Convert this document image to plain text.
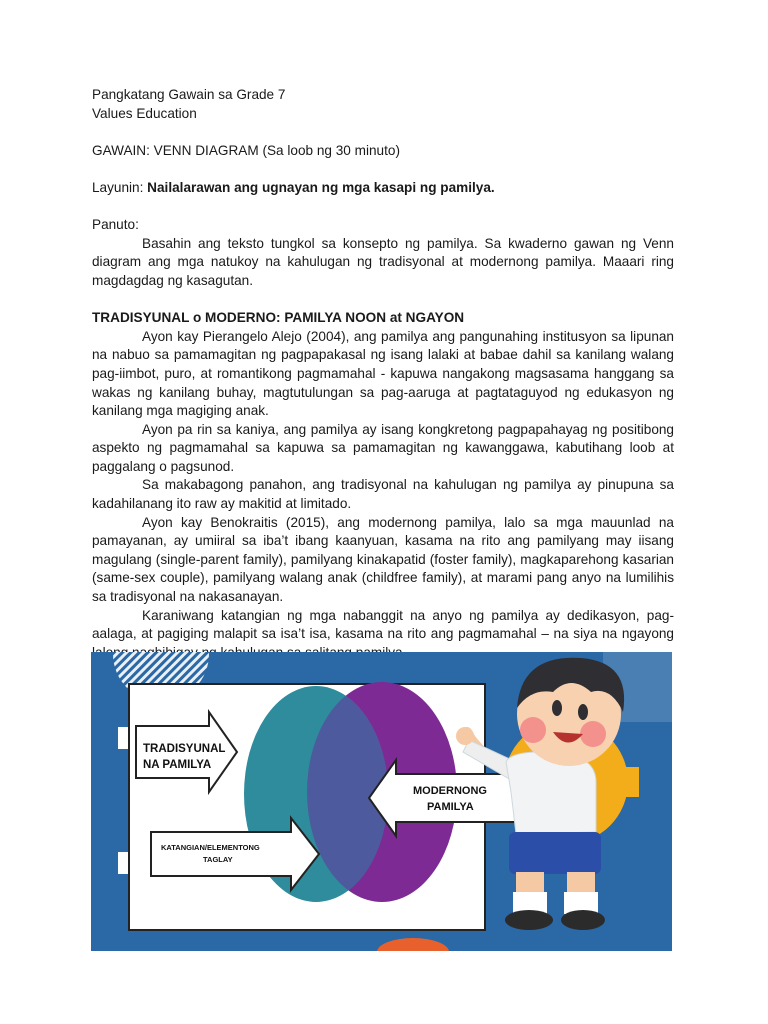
Pangkatang Gawain sa Grade 7
Values Education
GAWAIN: VENN DIAGRAM (Sa loob ng 30 minuto)
Layunin: Nailalarawan ang ugnayan ng mga kasapi ng pamilya.
Panuto:

Basahin ang teksto tungkol sa konsepto ng pamilya. Sa kwaderno gawan ng Venn diagram ang mga natukoy na kahulugan ng tradisyonal at modernong pamilya. Maaari ring magdagdag ng kasagutan.

TRADISYUNAL o MODERNO: PAMILYA NOON at NGAYON

Ayon kay Pierangelo Alejo (2004), ang pamilya ang pangunahing institusyon sa lipunan na nabuo sa pamamagitan ng pagpapakasal ng isang lalaki at babae dahil sa kanilang walang pag-iimbot, puro, at romantikong pagmamahal - kapuwa nangakong magsasama hanggang sa wakas ng kanilang buhay, magtutulungan sa pag-aaruga at pagtataguyod ng edukasyon ng kanilang mga magiging anak.

Ayon pa rin sa kaniya, ang pamilya ay isang kongkretong pagpapahayag ng positibong aspekto ng pagmamahal sa kapuwa sa pamamagitan ng kawanggawa, kabutihang loob at paggalang o pagsunod.

Sa makabagong panahon, ang tradisyonal na kahulugan ng pamilya ay pinupuna sa kadahilanang ito raw ay makitid at limitado.

Ayon kay Benokraitis (2015), ang modernong pamilya, lalo sa mga mauunlad na pamayanan, ay umiiral sa iba’t ibang kaanyuan, kasama na rito ang pamilyang may iisang magulang (single-parent family), pamilyang kinakapatid (foster family), magkaparehong kasarian (same-sex couple), pamilyang walang anak (childfree family), at marami pang anyo na lumilihis sa tradisyonal na nakasanayan.

Karaniwang katangian ng mga nabanggit na anyo ng pamilya ay dedikasyon, pag-aalaga, at pagiging malapit sa isa’t isa, kasama na rito ang pagmamahal – na siya na ngayong

TRADISYUNAL
NA PAMILYA
MODERNONG
PAMILYA
KATANGIAN/ELEMENTONG
TAGLAY
